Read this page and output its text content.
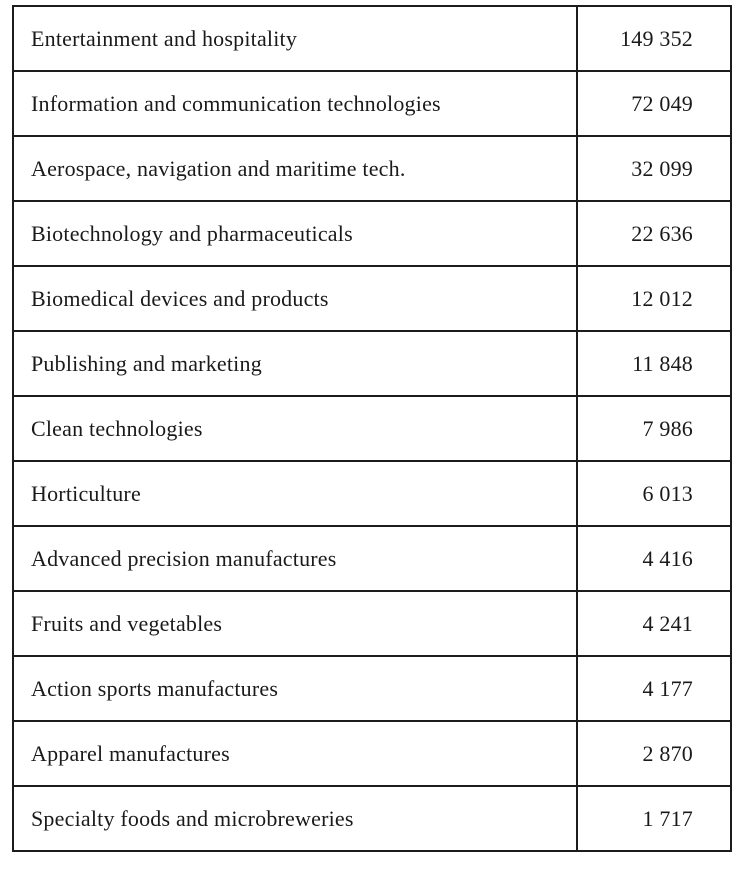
Entertainment and hospitality	149 352
Information and communication technologies	72 049
Aerospace, navigation and maritime tech.	32 099
Biotechnology and pharmaceuticals	22 636
Biomedical devices and products	12 012
Publishing and marketing	11 848
Clean technologies	7 986
Horticulture	6 013
Advanced precision manufactures	4 416
Fruits and vegetables	4 241
Action sports manufactures	4 177
Apparel manufactures	2 870
Specialty foods and microbreweries	1 717
